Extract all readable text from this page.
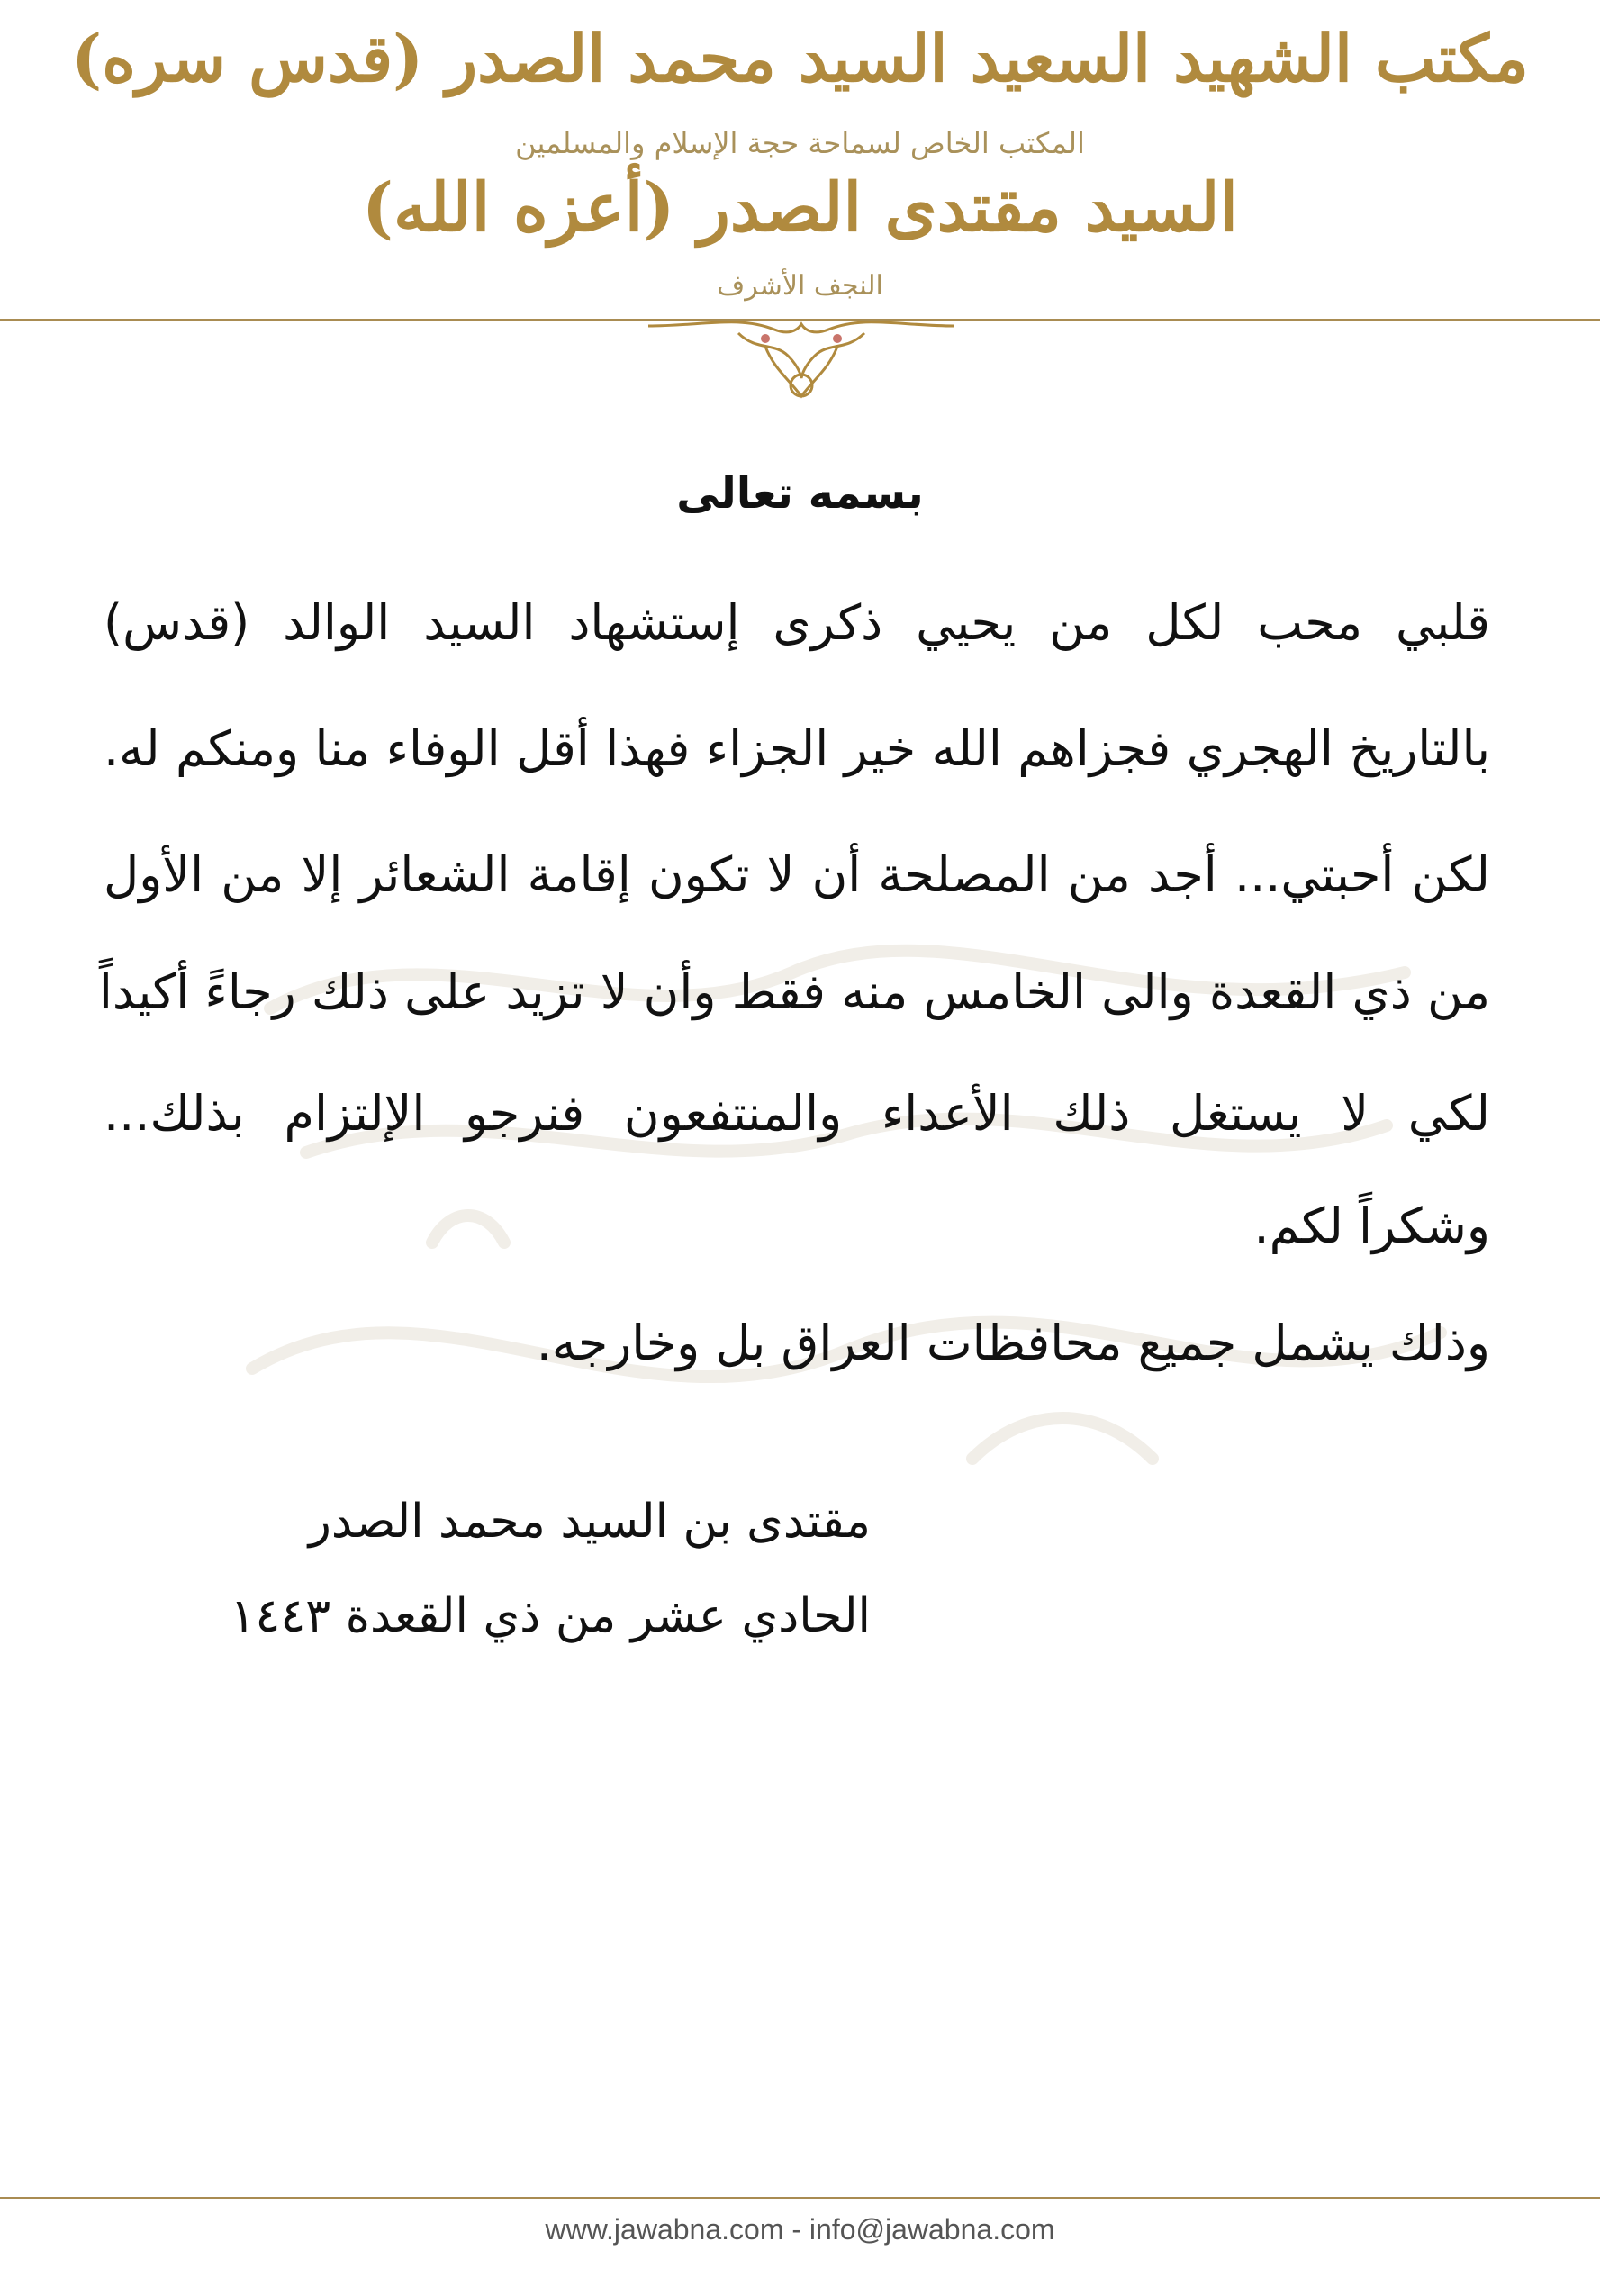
مكتب الشهيد السعيد السيد محمد الصدر (قدس سره)
المكتب الخاص لسماحة حجة الإسلام والمسلمين
السيد مقتدى الصدر (أعزه الله)
النجف الأشرف
بسمه تعالى
قلبي محب لكل من يحيي ذكرى إستشهاد السيد الوالد (قدس)
بالتاريخ الهجري فجزاهم الله خير الجزاء فهذا أقل الوفاء منا ومنكم له.
لكن أحبتي... أجد من المصلحة أن لا تكون إقامة الشعائر إلا من الأول
من ذي القعدة والى الخامس منه فقط وأن لا تزيد على ذلك رجاءً أكيداً
لكي لا يستغل ذلك الأعداء والمنتفعون فنرجو الإلتزام بذلك...
وشكراً لكم.
وذلك يشمل جميع محافظات العراق بل وخارجه.
مقتدى بن السيد محمد الصدر
الحادي عشر من ذي القعدة ١٤٤٣
www.jawabna.com - info@jawabna.com
